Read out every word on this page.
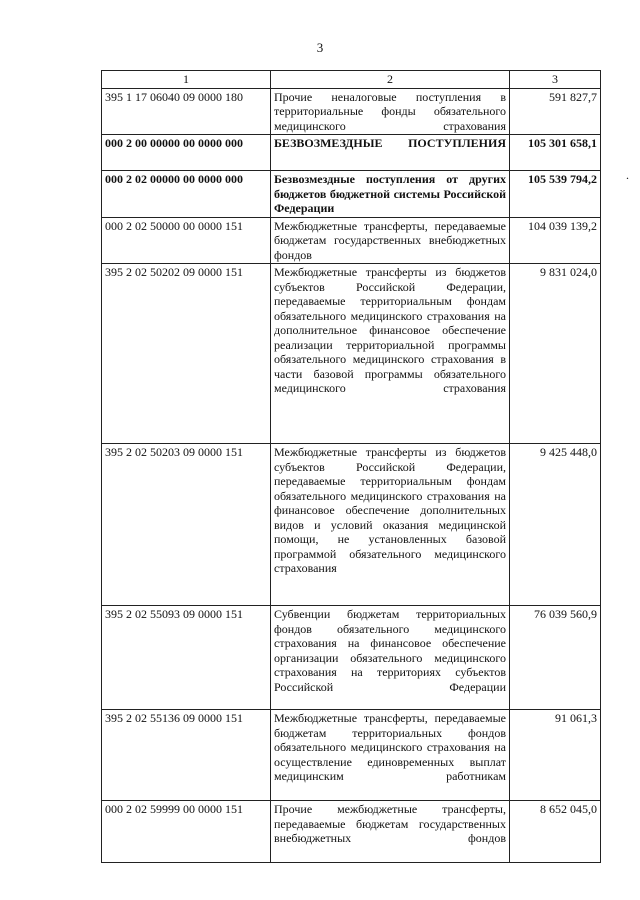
3
.
1	2	3
395 1 17 06040 09 0000 180	Прочие неналоговые поступления в территориальные фонды обязательного медицинского страхования	591 827,7
000 2 00 00000 00 0000 000	БЕЗВОЗМЕЗДНЫЕ ПОСТУПЛЕНИЯ	105 301 658,1
000 2 02 00000 00 0000 000	Безвозмездные поступления от других бюджетов бюджетной системы Российской Федерации	105 539 794,2
000 2 02 50000 00 0000 151	Межбюджетные трансферты, передаваемые бюджетам государственных внебюджетных фондов	104 039 139,2
395 2 02 50202 09 0000 151	Межбюджетные трансферты из бюджетов субъектов Российской Федерации, передаваемые территориальным фондам обязательного медицинского страхования на дополнительное финансовое обеспечение реализации территориальной программы обязательного медицинского страхования в части базовой программы обязательного медицинского страхования	9 831 024,0
395 2 02 50203 09 0000 151	Межбюджетные трансферты из бюджетов субъектов Российской Федерации, передаваемые территориальным фондам обязательного медицинского страхования на финансовое обеспечение дополнительных видов и условий оказания медицинской помощи, не установленных базовой программой обязательного медицинского страхования	9 425 448,0
395 2 02 55093 09 0000 151	Субвенции бюджетам территориальных фондов обязательного медицинского страхования на финансовое обеспечение организации обязательного медицинского страхования на территориях субъектов Российской Федерации	76 039 560,9
395 2 02 55136 09 0000 151	Межбюджетные трансферты, передаваемые бюджетам территориальных фондов обязательного медицинского страхования на осуществление единовременных выплат медицинским работникам	91 061,3
000 2 02 59999 00 0000 151	Прочие межбюджетные трансферты, передаваемые бюджетам государственных внебюджетных фондов	8 652 045,0
